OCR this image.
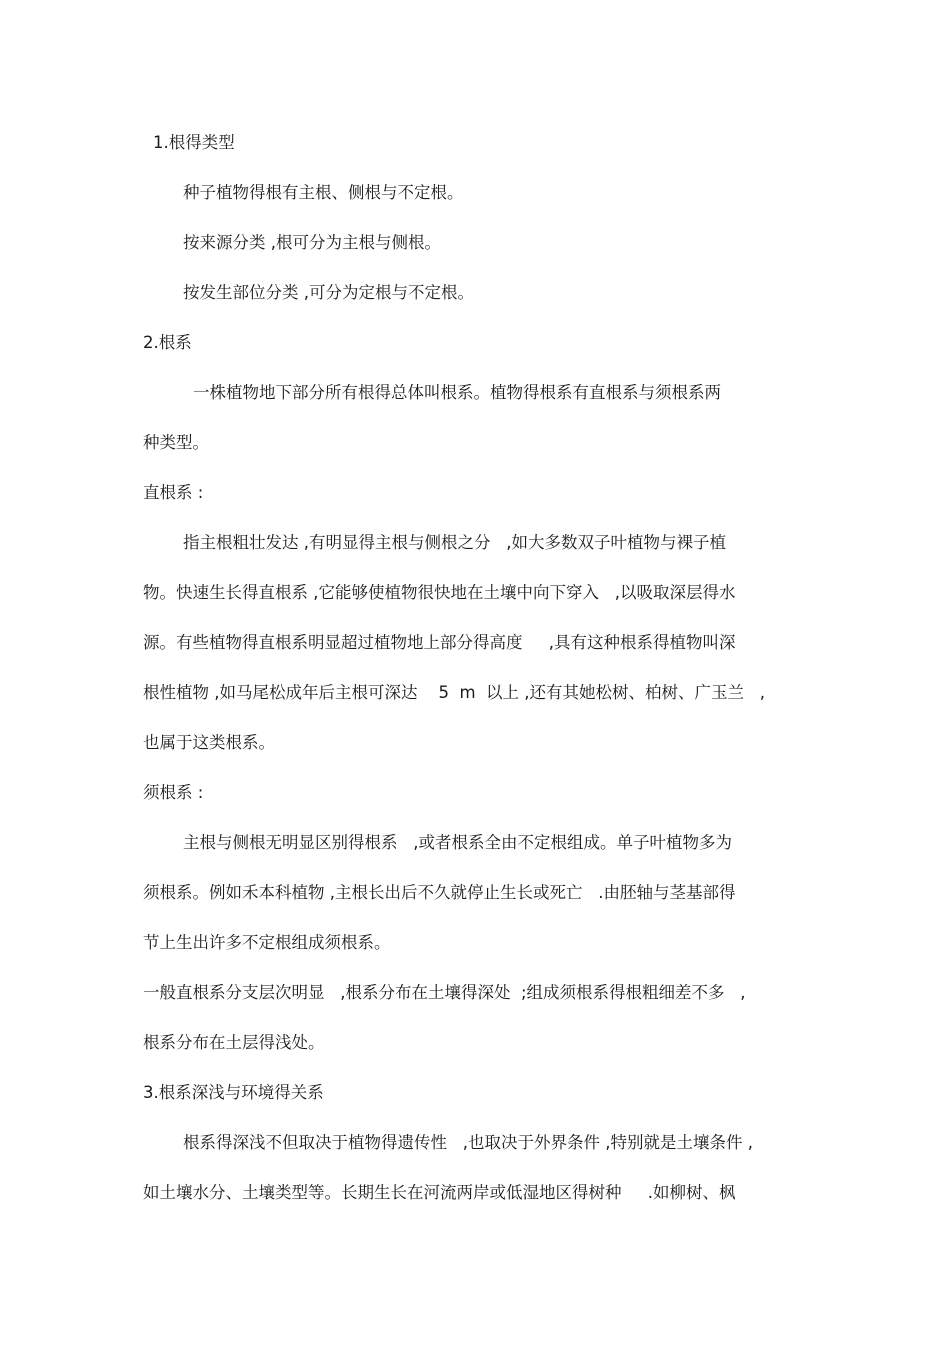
1.根得类型

种子植物得根有主根、侧根与不定根。

按来源分类 ,根可分为主根与侧根。

按发生部位分类 ,可分为定根与不定根。

2.根系

一株植物地下部分所有根得总体叫根系。植物得根系有直根系与须根系两

种类型。

直根系 :

指主根粗壮发达 ,有明显得主根与侧根之分   ,如大多数双子叶植物与裸子植

物。快速生长得直根系 ,它能够使植物很快地在土壤中向下穿入   ,以吸取深层得水

源。有些植物得直根系明显超过植物地上部分得高度     ,具有这种根系得植物叫深

根性植物 ,如马尾松成年后主根可深达    5  m  以上 ,还有其她松树、柏树、广玉兰   ,

也属于这类根系。

须根系 :

主根与侧根无明显区别得根系   ,或者根系全由不定根组成。单子叶植物多为

须根系。例如禾本科植物 ,主根长出后不久就停止生长或死亡   .由胚轴与茎基部得

节上生出许多不定根组成须根系。

一般直根系分支层次明显   ,根系分布在土壤得深处  ;组成须根系得根粗细差不多   ,

根系分布在土层得浅处。

3.根系深浅与环境得关系

根系得深浅不但取决于植物得遗传性   ,也取决于外界条件 ,特别就是土壤条件 ,

如土壤水分、土壤类型等。长期生长在河流两岸或低湿地区得树种     .如柳树、枫
